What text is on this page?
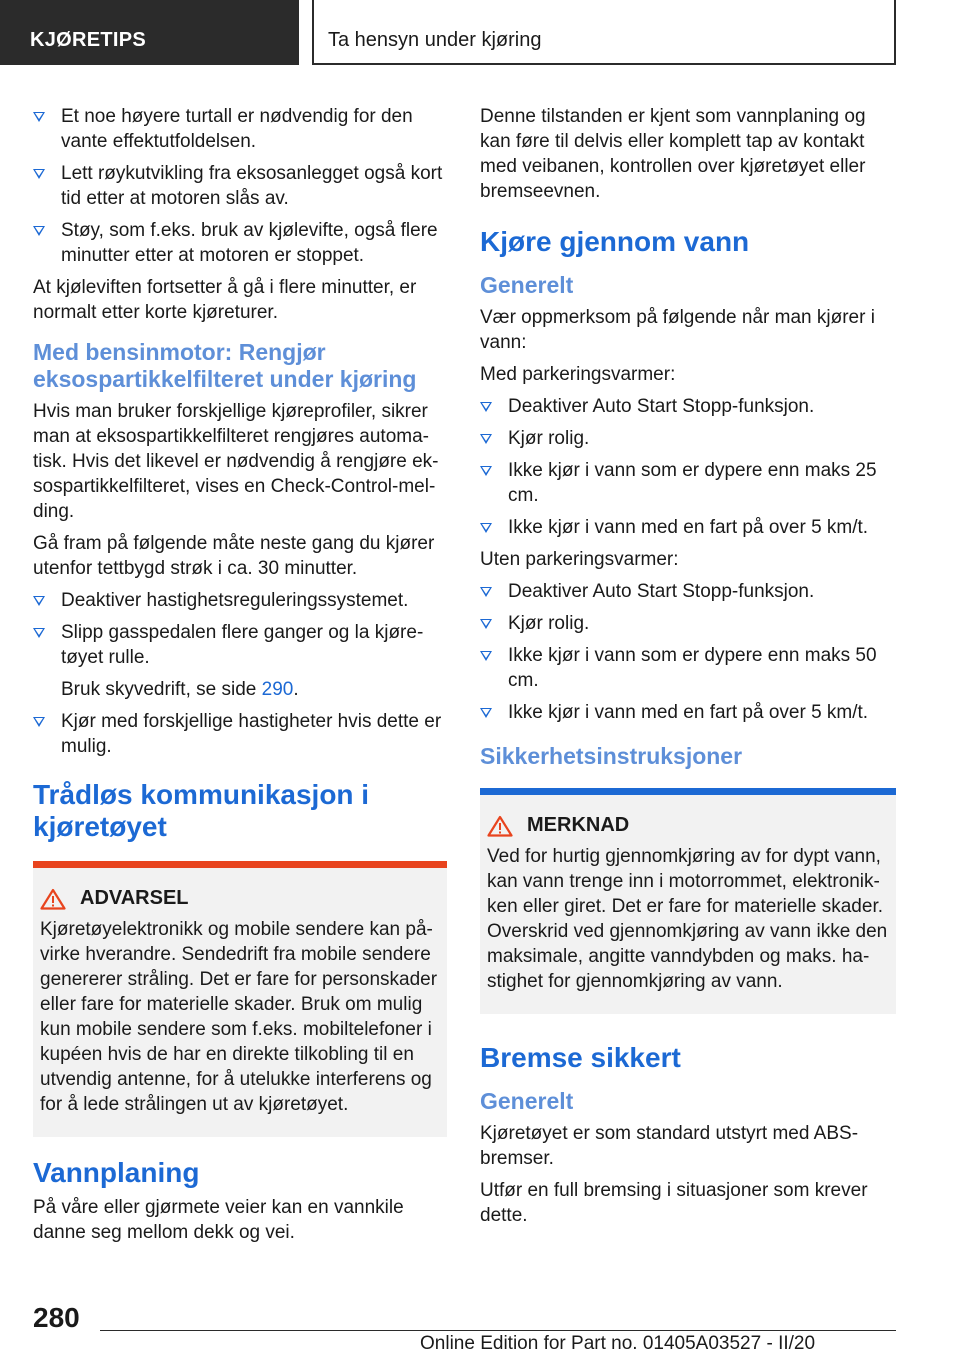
KJØRETIPS	Ta hensyn under kjøring
Et noe høyere turtall er nødvendig for den vante effektutfoldelsen.
Lett røykutvikling fra eksosanlegget også kort tid etter at motoren slås av.
Støy, som f.eks. bruk av kjølevifte, også flere minutter etter at motoren er stoppet.

At kjøleviften fortsetter å gå i flere minutter, er normalt etter korte kjøreturer.

Med bensinmotor: Rengjør eksospartikkelfilteret under kjøring

Hvis man bruker forskjellige kjøreprofiler, sikrer man at eksospartikkelfilteret rengjøres automatisk. Hvis det likevel er nødvendig å rengjøre eksospartikkelfilteret, vises en Check-Control-melding.

Gå fram på følgende måte neste gang du kjører utenfor tettbygd strøk i ca. 30 minutter.

Deaktiver hastighetsreguleringssystemet.
Slipp gasspedalen flere ganger og la kjøretøyet rulle.

Bruk skyvedrift, se side 290.

Kjør med forskjellige hastigheter hvis dette er mulig.
Trådløs kommunikasjon i kjøretøyet
ADVARSEL

Kjøretøyelektronikk og mobile sendere kan påvirke hverandre. Sendedrift fra mobile sendere genererer stråling. Det er fare for personskader eller fare for materielle skader. Bruk om mulig kun mobile sendere som f.eks. mobiltelefoner i kupéen hvis de har en direkte tilkobling til en utvendig antenne, for å utelukke interferens og for å lede strålingen ut av kjøretøyet.

Vannplaning

På våre eller gjørmete veier kan en vannkile danne seg mellom dekk og vei.

Denne tilstanden er kjent som vannplaning og kan føre til delvis eller komplett tap av kontakt med veibanen, kontrollen over kjøretøyet eller bremseevnen.

Kjøre gjennom vann
Generelt

Vær oppmerksom på følgende når man kjører i vann:

Med parkeringsvarmer:

Deaktiver Auto Start Stopp-funksjon.
Kjør rolig.
Ikke kjør i vann som er dypere enn maks 25 cm.
Ikke kjør i vann med en fart på over 5 km/t.

Uten parkeringsvarmer:

Deaktiver Auto Start Stopp-funksjon.
Kjør rolig.
Ikke kjør i vann som er dypere enn maks 50 cm.
Ikke kjør i vann med en fart på over 5 km/t.
Sikkerhetsinstruksjoner
MERKNAD

Ved for hurtig gjennomkjøring av for dypt vann, kan vann trenge inn i motorrommet, elektronikken eller giret. Det er fare for materielle skader. Overskrid ved gjennomkjøring av vann ikke den maksimale, angitte vanndybden og maks. hastighet for gjennomkjøring av vann.

Bremse sikkert
Generelt

Kjøretøyet er som standard utstyrt med ABS-bremser.

Utfør en full bremsing i situasjoner som krever dette.

280
Online Edition for Part no. 01405A03527 - II/20
